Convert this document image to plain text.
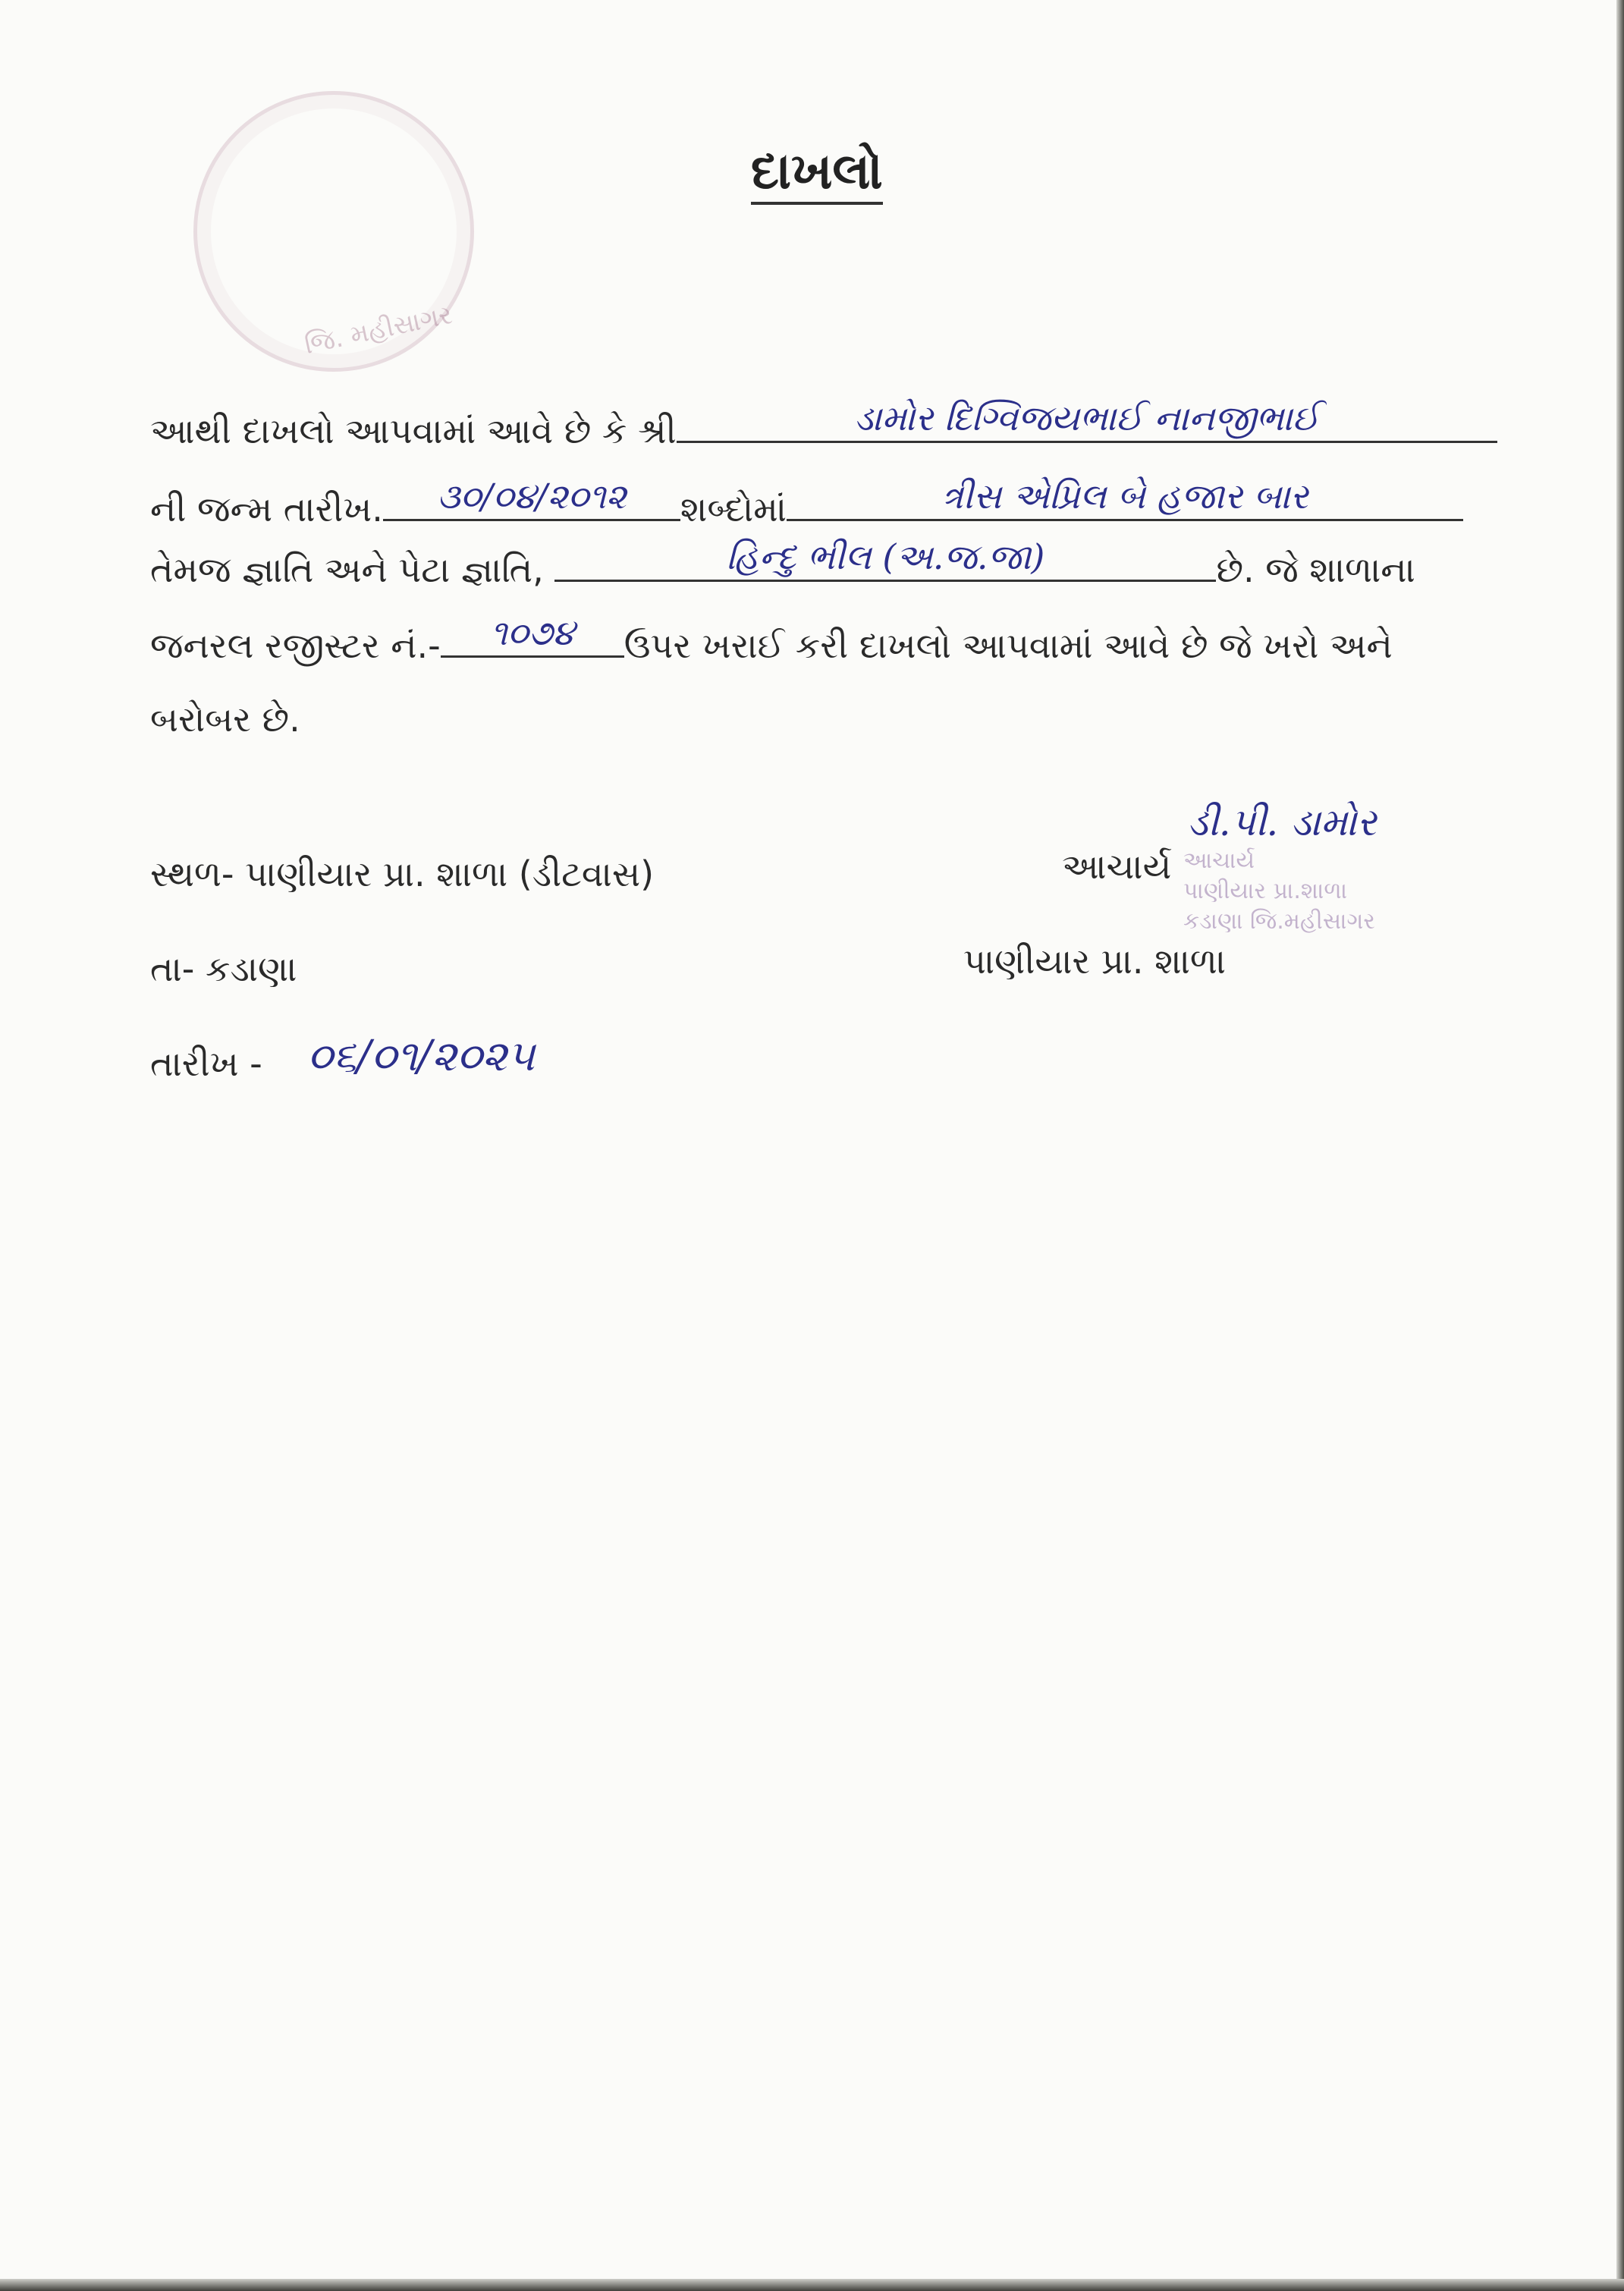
જિ. મહીસાગર
દાખલો
આથી દાખલો આપવામાં આવે છે કે શ્રી	ડામોર દિગ્વિજયભાઈ નાનજીભાઈ
ની જન્મ તારીખ. ૩૦/૦૪/૨૦૧૨ શબ્દોમાં	ત્રીસ એપ્રિલ બે હજાર બાર
તેમજ જ્ઞાતિ અને પેટા જ્ઞાતિ,	હિન્દુ ભીલ (અ.જ.જા)	છે. જે શાળાના
જનરલ રજીસ્ટર નં.- ૧૦૭૪ ઉપર ખરાઈ કરી દાખલો આપવામાં આવે છે જે ખરો અને
બરોબર છે.
સ્થળ- પાણીયાર પ્રા. શાળા (ડીટવાસ)	આચાર્ય
ડી.પી. ડામોર
આચાર્ય
પાણીયાર પ્રા.શાળા
કડાણા જિ.મહીસાગર
તા- કડાણા	પાણીયાર પ્રા. શાળા
તારીખ - ૦૬/૦૧/૨૦૨૫
